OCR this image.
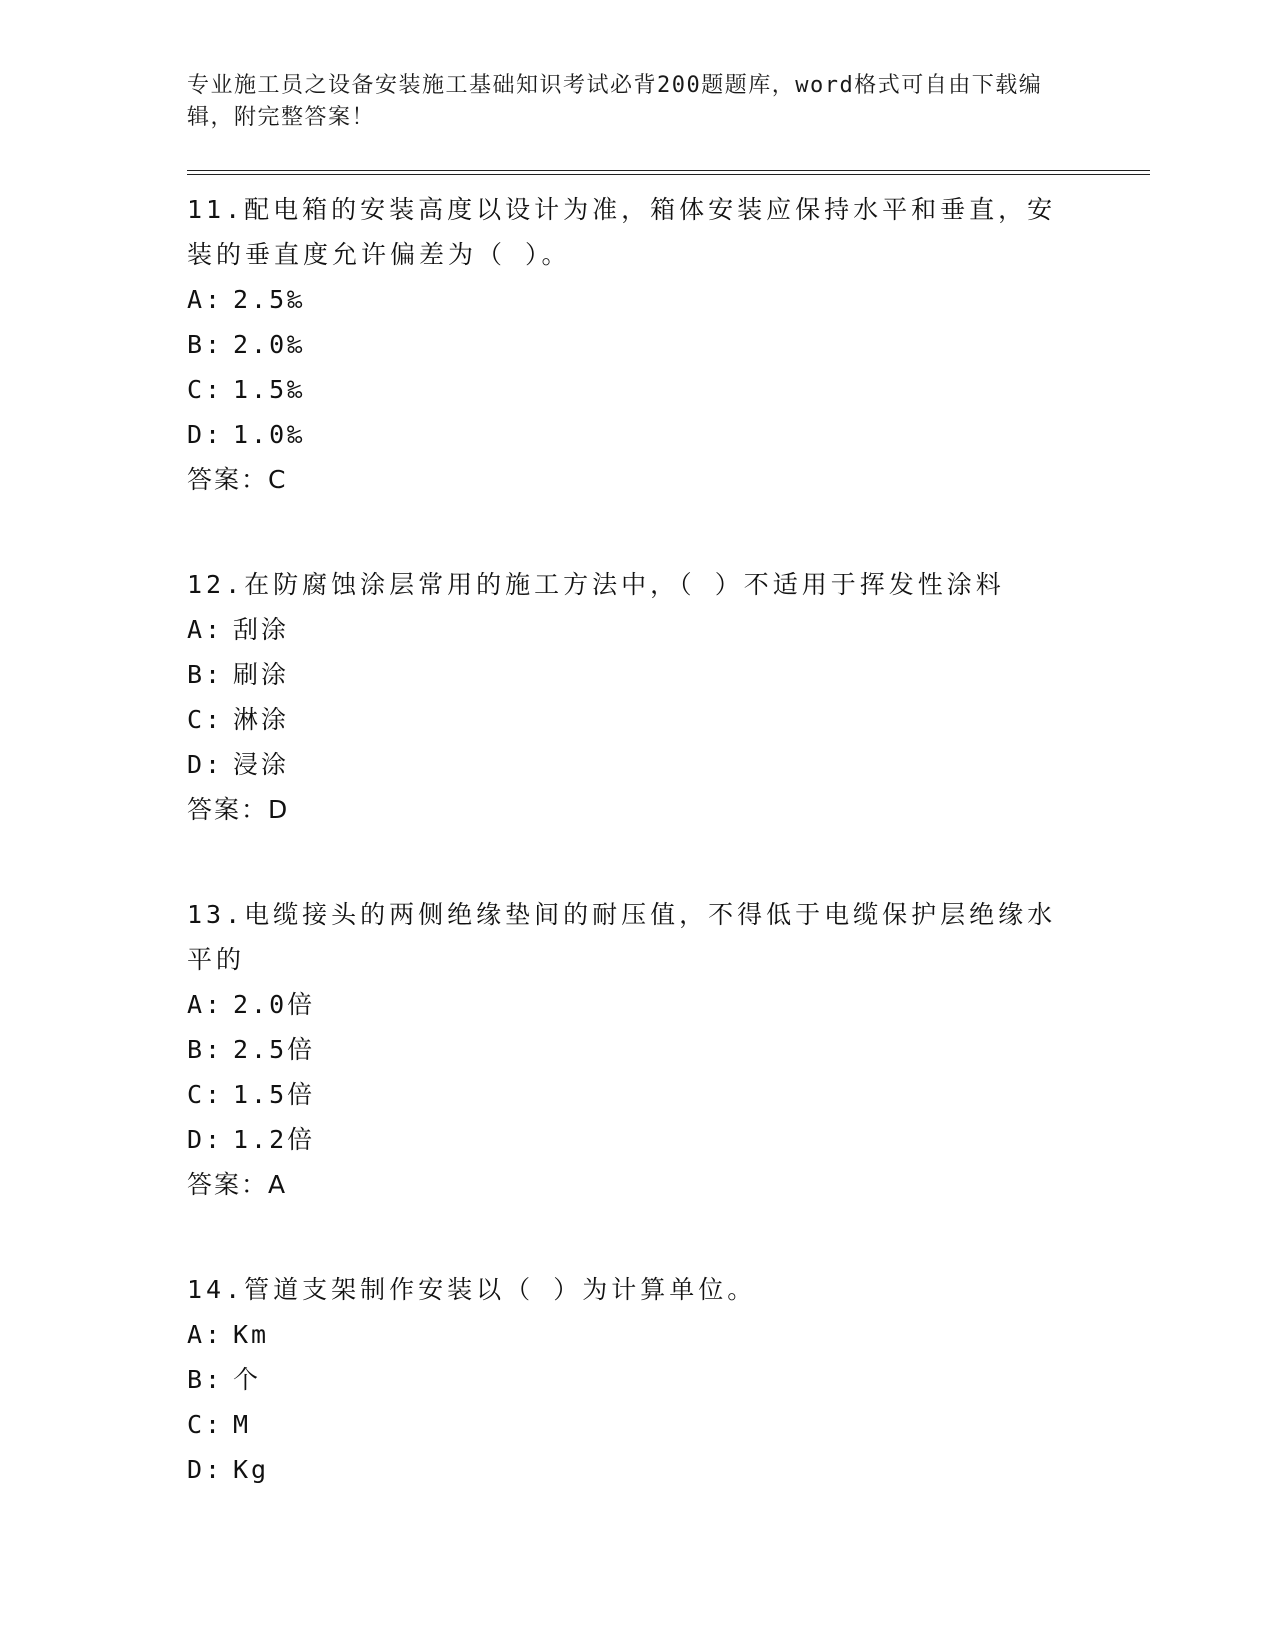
专业施工员之设备安装施工基础知识考试必背200题题库，word格式可自由下载编辑，附完整答案！
11.配电箱的安装高度以设计为准，箱体安装应保持水平和垂直，安装的垂直度允许偏差为（ ）。
A: 2.5‰
B: 2.0‰
C: 1.5‰
D: 1.0‰
答案：C
12.在防腐蚀涂层常用的施工方法中，（ ）不适用于挥发性涂料
A: 刮涂
B: 刷涂
C: 淋涂
D: 浸涂
答案：D
13.电缆接头的两侧绝缘垫间的耐压值，不得低于电缆保护层绝缘水平的
A: 2.0倍
B: 2.5倍
C: 1.5倍
D: 1.2倍
答案：A
14.管道支架制作安装以（ ）为计算单位。
A: Km
B: 个
C: M
D: Kg
